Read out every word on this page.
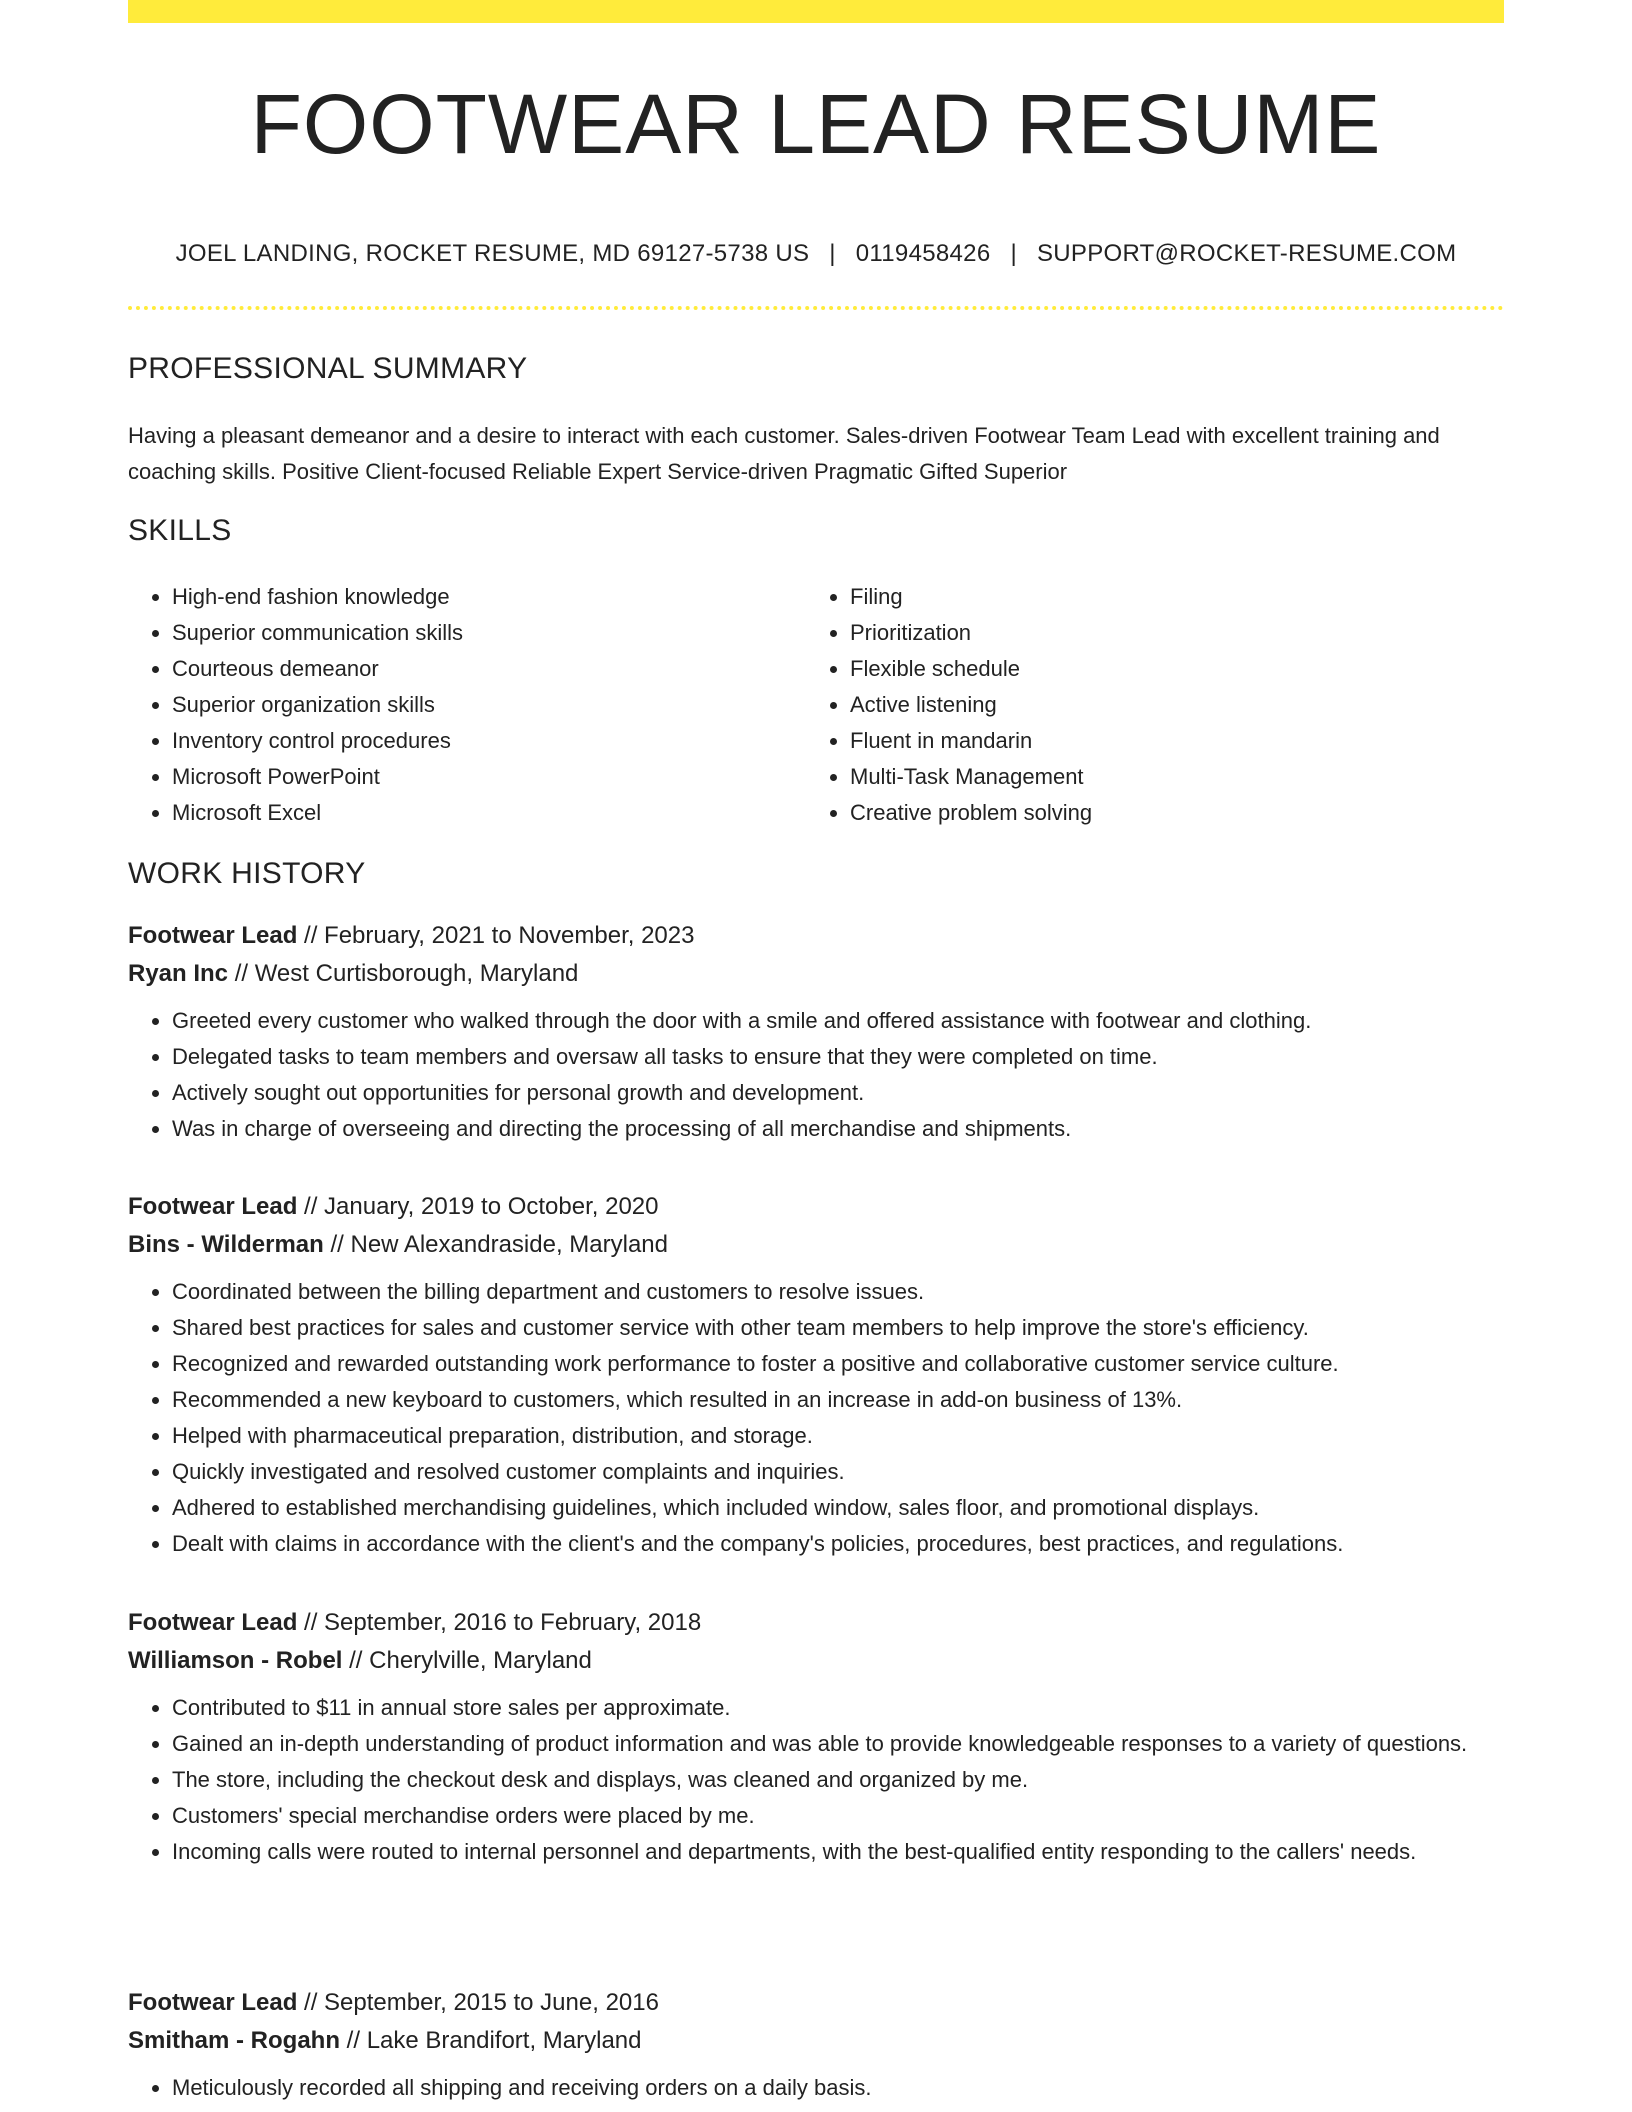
FOOTWEAR LEAD RESUME
JOEL LANDING, ROCKET RESUME, MD 69127-5738 US | 0119458426 | SUPPORT@ROCKET-RESUME.COM
PROFESSIONAL SUMMARY

Having a pleasant demeanor and a desire to interact with each customer. Sales-driven Footwear Team Lead with excellent training and coaching skills. Positive Client-focused Reliable Expert Service-driven Pragmatic Gifted Superior

SKILLS
• High-end fashion knowledge
• Superior communication skills
• Courteous demeanor
• Superior organization skills
• Inventory control procedures
• Microsoft PowerPoint
• Microsoft Excel
• Filing
• Prioritization
• Flexible schedule
• Active listening
• Fluent in mandarin
• Multi-Task Management
• Creative problem solving
WORK HISTORY
Footwear Lead // February, 2021 to November, 2023
Ryan Inc // West Curtisborough, Maryland
• Greeted every customer who walked through the door with a smile and offered assistance with footwear and clothing.
• Delegated tasks to team members and oversaw all tasks to ensure that they were completed on time.
• Actively sought out opportunities for personal growth and development.
• Was in charge of overseeing and directing the processing of all merchandise and shipments.
Footwear Lead // January, 2019 to October, 2020
Bins - Wilderman // New Alexandraside, Maryland
• Coordinated between the billing department and customers to resolve issues.
• Shared best practices for sales and customer service with other team members to help improve the store's efficiency.
• Recognized and rewarded outstanding work performance to foster a positive and collaborative customer service culture.
• Recommended a new keyboard to customers, which resulted in an increase in add-on business of 13%.
• Helped with pharmaceutical preparation, distribution, and storage.
• Quickly investigated and resolved customer complaints and inquiries.
• Adhered to established merchandising guidelines, which included window, sales floor, and promotional displays.
• Dealt with claims in accordance with the client's and the company's policies, procedures, best practices, and regulations.
Footwear Lead // September, 2016 to February, 2018
Williamson - Robel // Cherylville, Maryland
• Contributed to $11 in annual store sales per approximate.
• Gained an in-depth understanding of product information and was able to provide knowledgeable responses to a variety of questions.
• The store, including the checkout desk and displays, was cleaned and organized by me.
• Customers' special merchandise orders were placed by me.
• Incoming calls were routed to internal personnel and departments, with the best-qualified entity responding to the callers' needs.
Footwear Lead // September, 2015 to June, 2016
Smitham - Rogahn // Lake Brandifort, Maryland
• Meticulously recorded all shipping and receiving orders on a daily basis.
